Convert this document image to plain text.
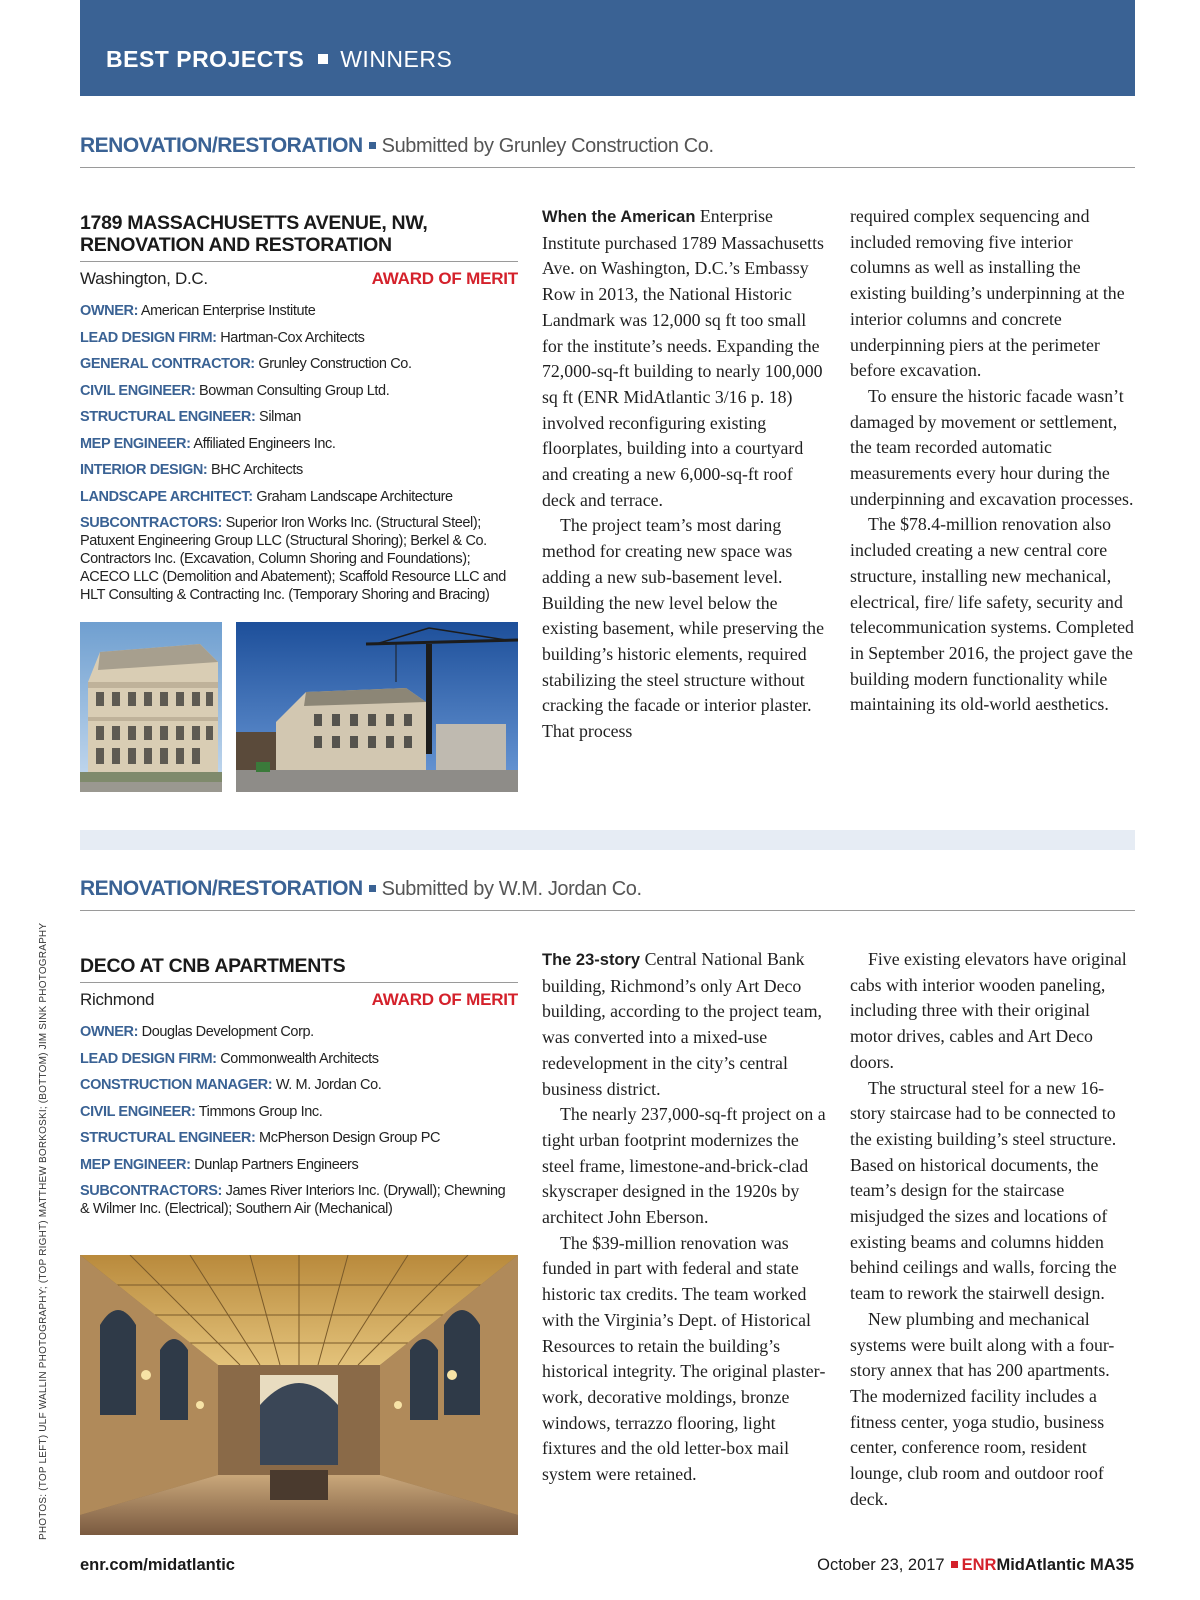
BEST PROJECTS WINNERS
RENOVATION/RESTORATION Submitted by Grunley Construction Co.
1789 MASSACHUSETTS AVENUE, NW,
RENOVATION AND RESTORATION
Washington, D.C.	AWARD OF MERIT
OWNER: American Enterprise Institute
LEAD DESIGN FIRM: Hartman-Cox Architects
GENERAL CONTRACTOR: Grunley Construction Co.
CIVIL ENGINEER: Bowman Consulting Group Ltd.
STRUCTURAL ENGINEER: Silman
MEP ENGINEER: Affiliated Engineers Inc.
INTERIOR DESIGN: BHC Architects
LANDSCAPE ARCHITECT: Graham Landscape Architecture
SUBCONTRACTORS: Superior Iron Works Inc. (Structural Steel); Patuxent Engineering Group LLC (Structural Shoring); Berkel & Co. Contractors Inc. (Excavation, Column Shoring and Foundations); ACECO LLC (Demolition and Abatement); Scaffold Resource LLC and HLT Consulting & Contracting Inc. (Temporary Shoring and Bracing)

When the American Enterprise Institute purchased 1789 Massachusetts Ave. on Washington, D.C.’s Embassy Row in 2013, the National Historic Landmark was 12,000 sq ft too small for the institute’s needs. Expanding the 72,000-sq-ft building to nearly 100,000 sq ft (ENR MidAtlantic 3/16 p. 18) involved reconfiguring existing floorplates, building into a courtyard and creating a new 6,000-sq-ft roof deck and terrace.

The project team’s most daring method for creating new space was adding a new sub-basement level. Building the new level below the existing basement, while preserving the building’s historic elements, required stabilizing the steel structure without cracking the facade or interior plaster. That process

required complex sequencing and included removing five interior columns as well as installing the existing building’s underpinning at the interior columns and concrete underpinning piers at the perimeter before excavation.

To ensure the historic facade wasn’t damaged by movement or settlement, the team recorded automatic measurements every hour during the underpinning and excavation processes.

The $78.4-million renovation also included creating a new central core structure, installing new mechanical, electrical, fire/ life safety, security and telecommunication systems. Completed in September 2016, the project gave the building modern functionality while maintaining its old-world aesthetics.

RENOVATION/RESTORATION Submitted by W.M. Jordan Co.
DECO AT CNB APARTMENTS
Richmond	AWARD OF MERIT
OWNER: Douglas Development Corp.
LEAD DESIGN FIRM: Commonwealth Architects
CONSTRUCTION MANAGER: W. M. Jordan Co.
CIVIL ENGINEER: Timmons Group Inc.
STRUCTURAL ENGINEER: McPherson Design Group PC
MEP ENGINEER: Dunlap Partners Engineers
SUBCONTRACTORS: James River Interiors Inc. (Drywall); Chewning & Wilmer Inc. (Electrical); Southern Air (Mechanical)

The 23-story Central National Bank building, Richmond’s only Art Deco building, according to the project team, was converted into a mixed-use redevelopment in the city’s central business district.

The nearly 237,000-sq-ft project on a tight urban footprint modernizes the steel frame, limestone-and-brick-clad skyscraper designed in the 1920s by architect John Eberson.

The $39-million renovation was funded in part with federal and state historic tax credits. The team worked with the Virginia’s Dept. of Historical Resources to retain the building’s historical integrity. The original plasterwork, decorative moldings, bronze windows, terrazzo flooring, light fixtures and the old letter-box mail system were retained.

Five existing elevators have original cabs with interior wooden paneling, including three with their original motor drives, cables and Art Deco doors.

The structural steel for a new 16-story staircase had to be connected to the existing building’s steel structure. Based on historical documents, the team’s design for the staircase misjudged the sizes and locations of existing beams and columns hidden behind ceilings and walls, forcing the team to rework the stairwell design.

New plumbing and mechanical systems were built along with a four-story annex that has 200 apartments. The modernized facility includes a fitness center, yoga studio, business center, conference room, resident lounge, club room and outdoor roof deck.

PHOTOS: (TOP LEFT) ULF WALLIN PHOTOGRAPHY; (TOP RIGHT) MATTHEW BORKOSKI; (BOTTOM) JIM SINK PHOTOGRAPHY
enr.com/midatlantic	October 23, 2017 ENRMidAtlantic MA35
